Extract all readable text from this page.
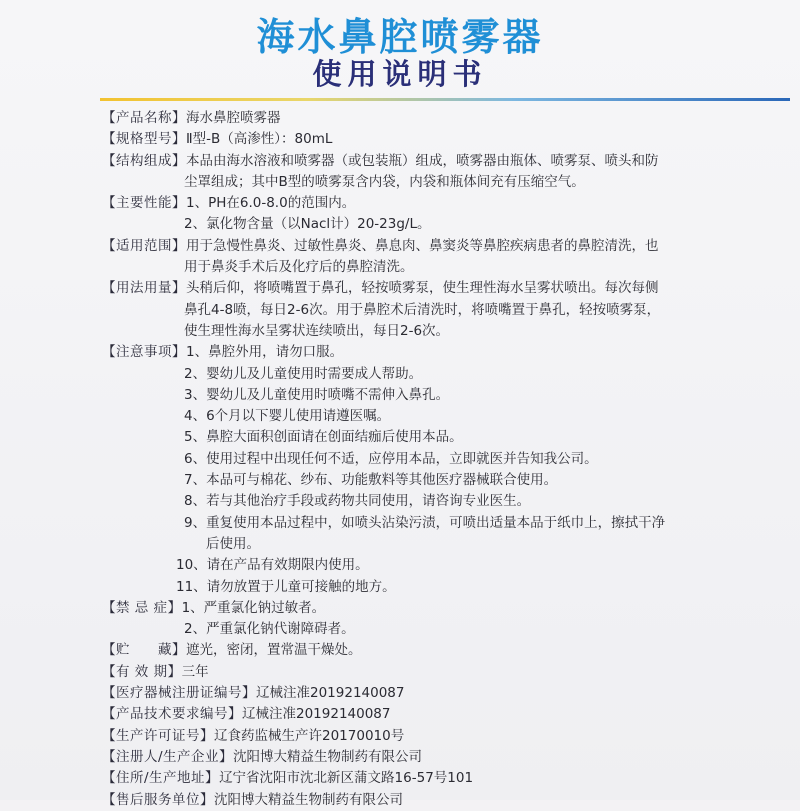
海水鼻腔喷雾器
使用说明书
【产品名称】 海水鼻腔喷雾器
【规格型号】 Ⅱ型-B（高渗性）：80mL
【结构组成】 本品由海水溶液和喷雾器（或包装瓶）组成，喷雾器由瓶体、喷雾泵、喷头和防
尘罩组成；其中B型的喷雾泵含内袋，内袋和瓶体间充有压缩空气。
【主要性能】 1、PH在6.0-8.0的范围内。
2、氯化物含量（以Nacl计）20-23g/L。
【适用范围】 用于急慢性鼻炎、过敏性鼻炎、鼻息肉、鼻窦炎等鼻腔疾病患者的鼻腔清洗，也
用于鼻炎手术后及化疗后的鼻腔清洗。
【用法用量】 头稍后仰，将喷嘴置于鼻孔，轻按喷雾泵，使生理性海水呈雾状喷出。每次每侧
鼻孔4-8喷，每日2-6次。用于鼻腔术后清洗时，将喷嘴置于鼻孔，轻按喷雾泵，
使生理性海水呈雾状连续喷出，每日2-6次。
【注意事项】 1、鼻腔外用，请勿口服。
2、婴幼儿及儿童使用时需要成人帮助。
3、婴幼儿及儿童使用时喷嘴不需伸入鼻孔。
4、6个月以下婴儿使用请遵医嘱。
5、鼻腔大面积创面请在创面结痂后使用本品。
6、使用过程中出现任何不适，应停用本品，立即就医并告知我公司。
7、本品可与棉花、纱布、功能敷料等其他医疗器械联合使用。
8、若与其他治疗手段或药物共同使用，请咨询专业医生。
9、重复使用本品过程中，如喷头沾染污渍，可喷出适量本品于纸巾上，擦拭干净
后使用。
10、请在产品有效期限内使用。
11、请勿放置于儿童可接触的地方。
【禁 忌 症】 1、严重氯化钠过敏者。
2、严重氯化钠代谢障碍者。
【贮　　藏】 遮光，密闭，置常温干燥处。
【有 效 期】 三年
【医疗器械注册证编号】 辽械注准20192140087
【产品技术要求编号】 辽械注准20192140087
【生产许可证号】 辽食药监械生产许20170010号
【注册人/生产企业】 沈阳博大精益生物制药有限公司
【住所/生产地址】 辽宁省沈阳市沈北新区蒲文路16-57号101
【售后服务单位】 沈阳博大精益生物制药有限公司
